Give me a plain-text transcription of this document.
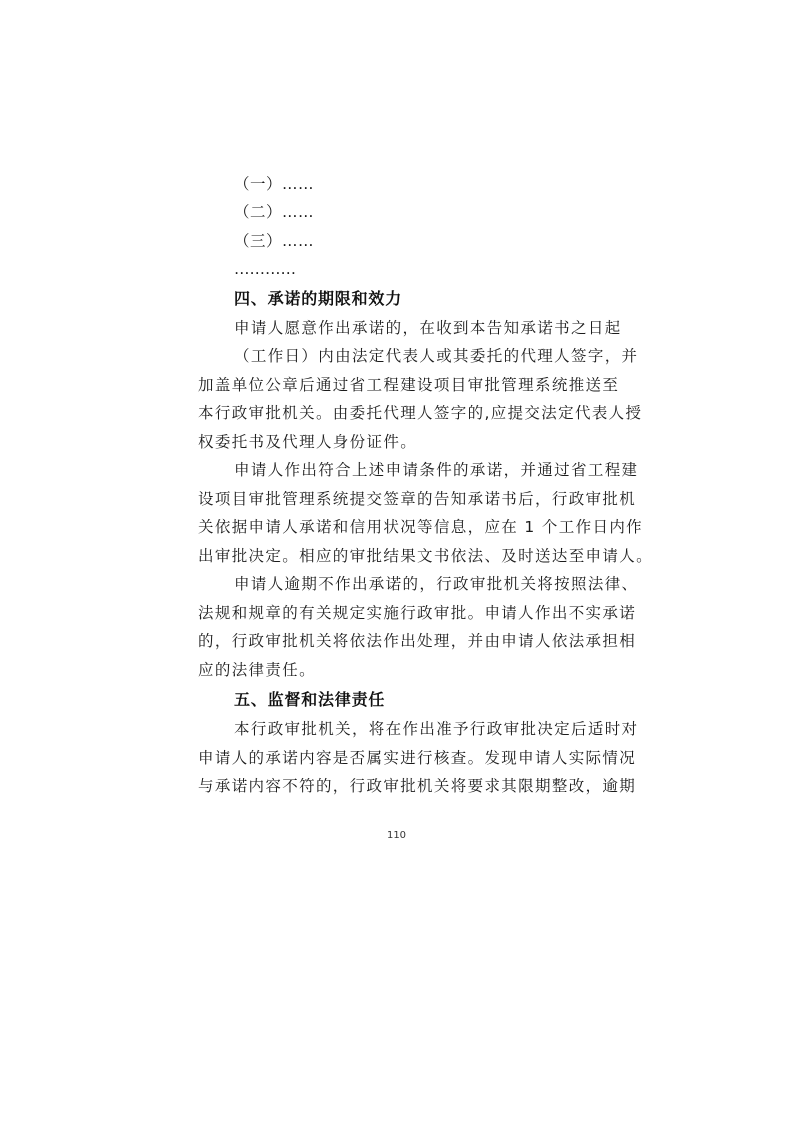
（一）……
（二）……
（三）……
…………
四、承诺的期限和效力
申请人愿意作出承诺的，在收到本告知承诺书之日起
（工作日）内由法定代表人或其委托的代理人签字，并
加盖单位公章后通过省工程建设项目审批管理系统推送至
本行政审批机关。由委托代理人签字的,应提交法定代表人授
权委托书及代理人身份证件。
申请人作出符合上述申请条件的承诺，并通过省工程建
设项目审批管理系统提交签章的告知承诺书后，行政审批机
关依据申请人承诺和信用状况等信息，应在 1 个工作日内作
出审批决定。相应的审批结果文书依法、及时送达至申请人。
申请人逾期不作出承诺的，行政审批机关将按照法律、
法规和规章的有关规定实施行政审批。申请人作出不实承诺
的，行政审批机关将依法作出处理，并由申请人依法承担相
应的法律责任。
五、监督和法律责任
本行政审批机关，将在作出准予行政审批决定后适时对
申请人的承诺内容是否属实进行核查。发现申请人实际情况
与承诺内容不符的，行政审批机关将要求其限期整改，逾期
110
